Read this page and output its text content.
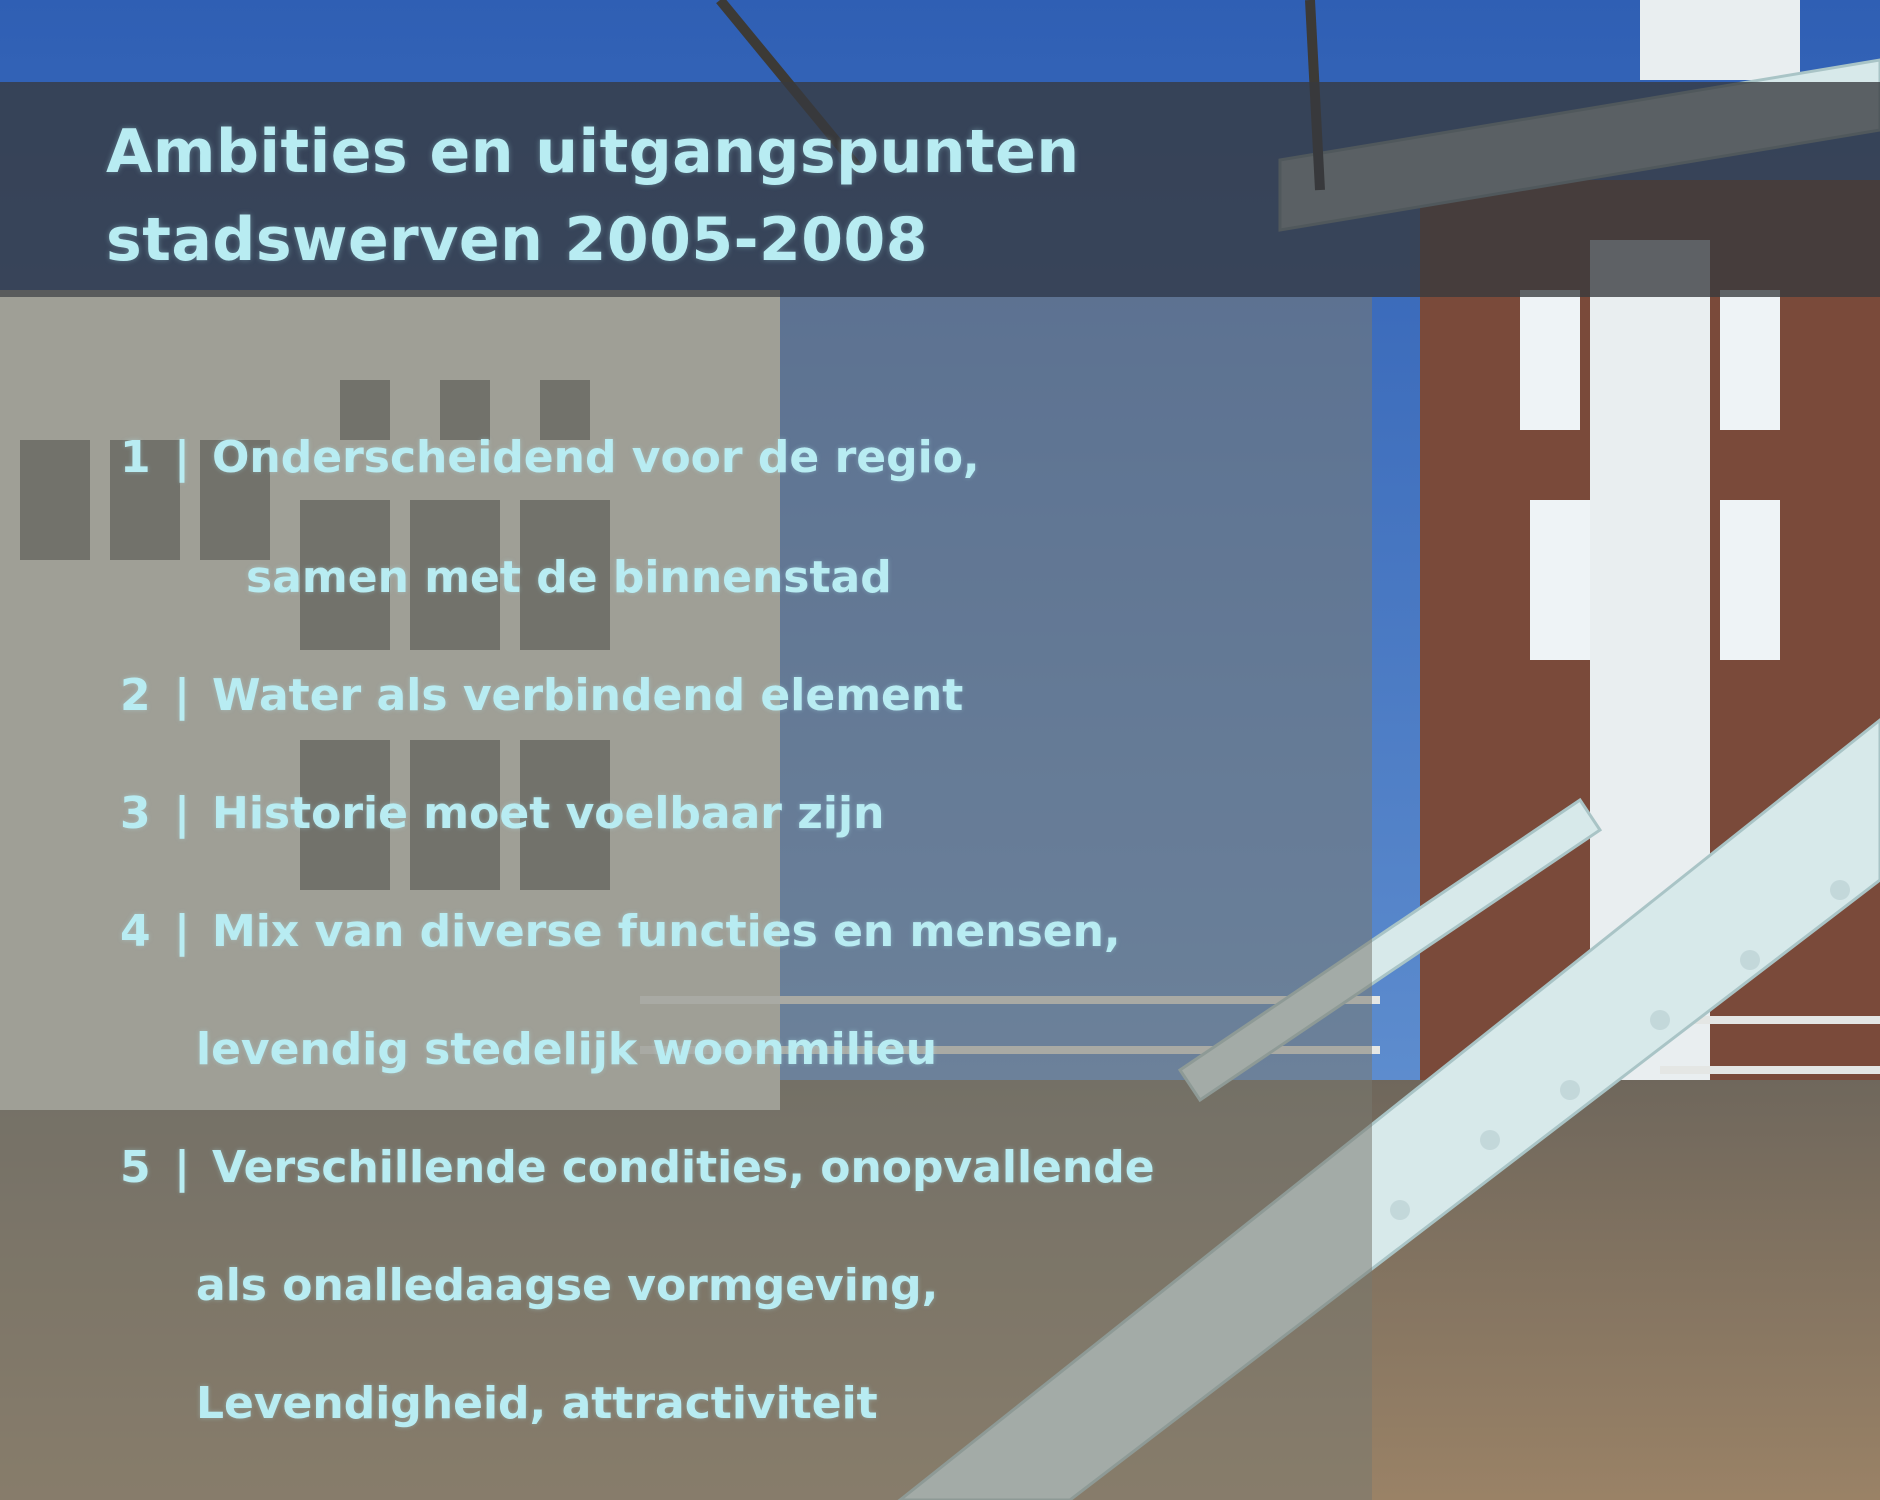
Ambities en uitgangspunten
stadswerven 2005-2008
1 | Onderscheidend voor de regio,
samen met de binnenstad
2 | Water als verbindend element
3 | Historie moet voelbaar zijn
4 | Mix van diverse functies en mensen,
levendig stedelijk woonmilieu
5 | Verschillende condities, onopvallende
als onalledaagse vormgeving,
Levendigheid, attractiviteit
